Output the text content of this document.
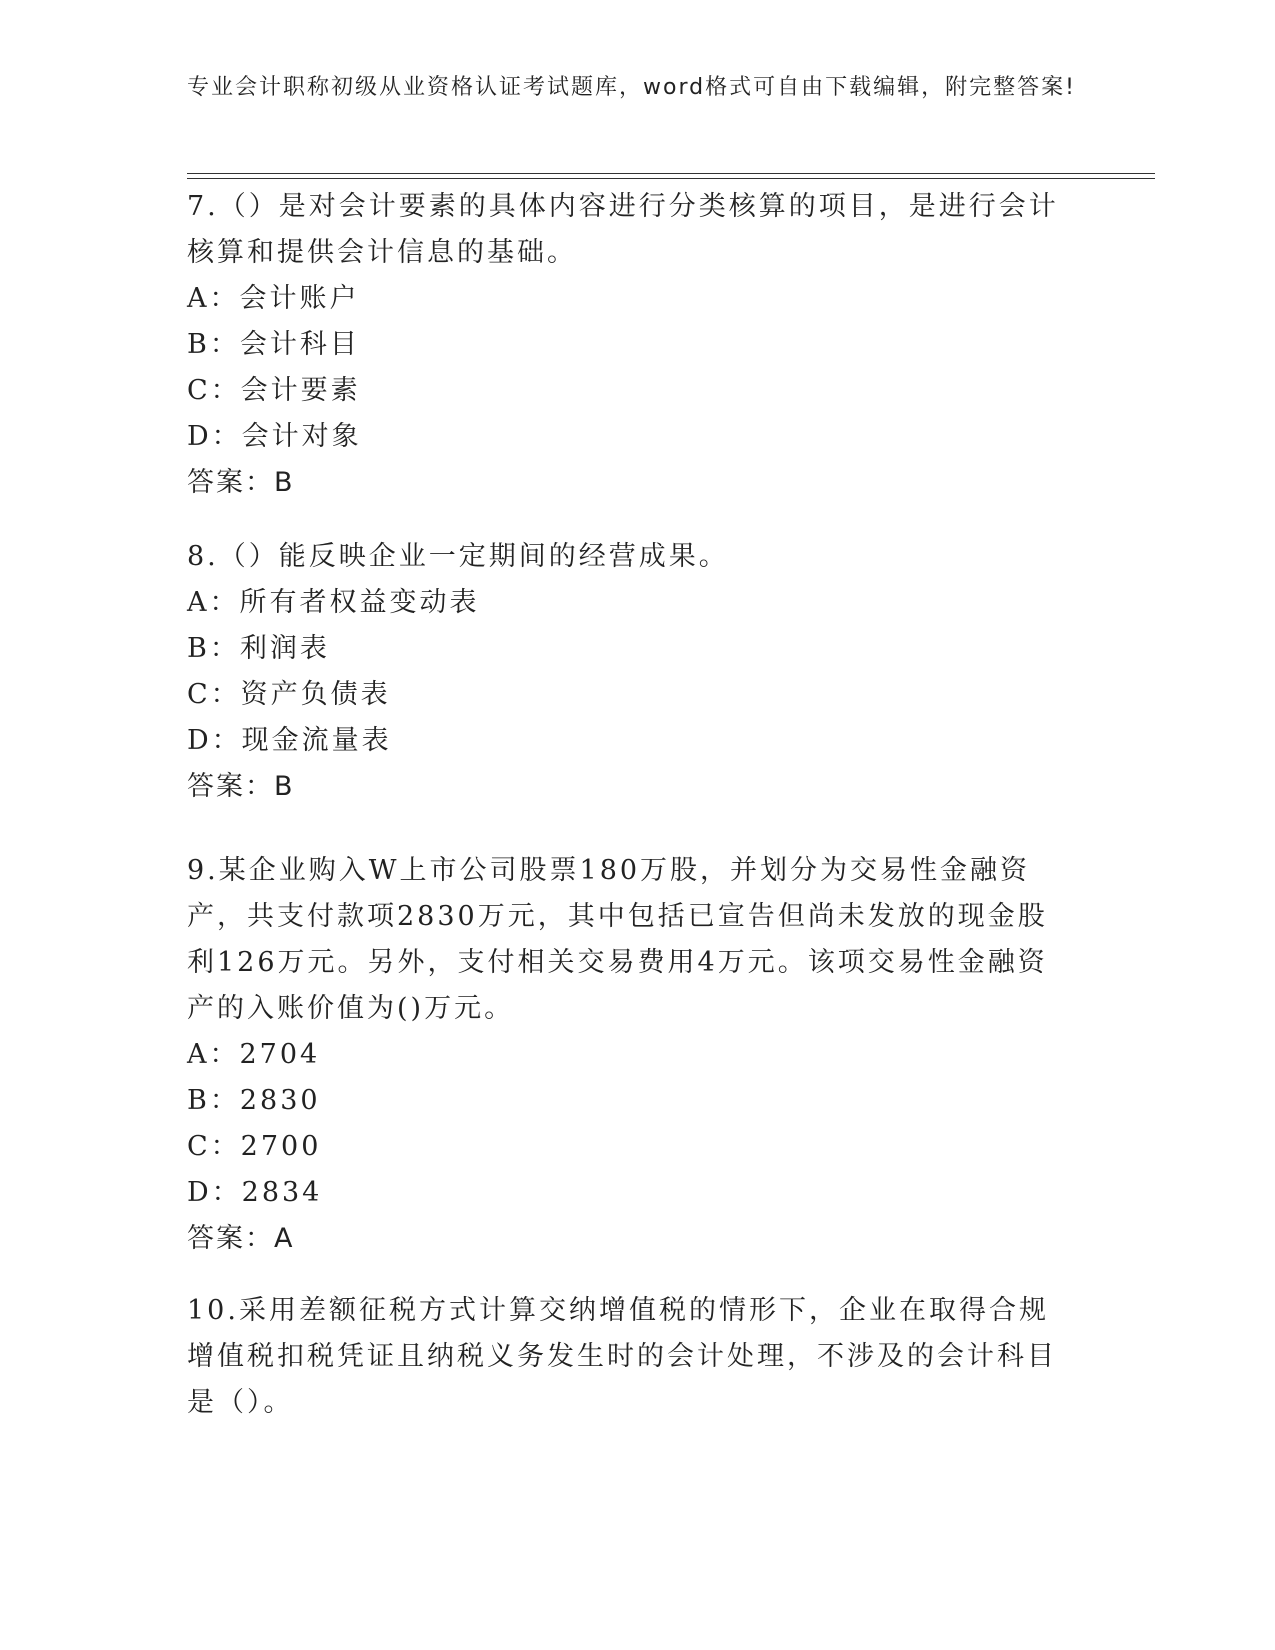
专业会计职称初级从业资格认证考试题库，word格式可自由下载编辑，附完整答案!

7.（）是对会计要素的具体内容进行分类核算的项目，是进行会计核算和提供会计信息的基础。

A：会计账户

B：会计科目

C：会计要素

D：会计对象

答案：B

8.（）能反映企业一定期间的经营成果。

A：所有者权益变动表

B：利润表

C：资产负债表

D：现金流量表

答案：B

9.某企业购入W上市公司股票180万股，并划分为交易性金融资产，共支付款项2830万元，其中包括已宣告但尚未发放的现金股利126万元。另外，支付相关交易费用4万元。该项交易性金融资产的入账价值为()万元。

A：2704

B：2830

C：2700

D：2834

答案：A

10.采用差额征税方式计算交纳增值税的情形下，企业在取得合规增值税扣税凭证且纳税义务发生时的会计处理，不涉及的会计科目是（）。
